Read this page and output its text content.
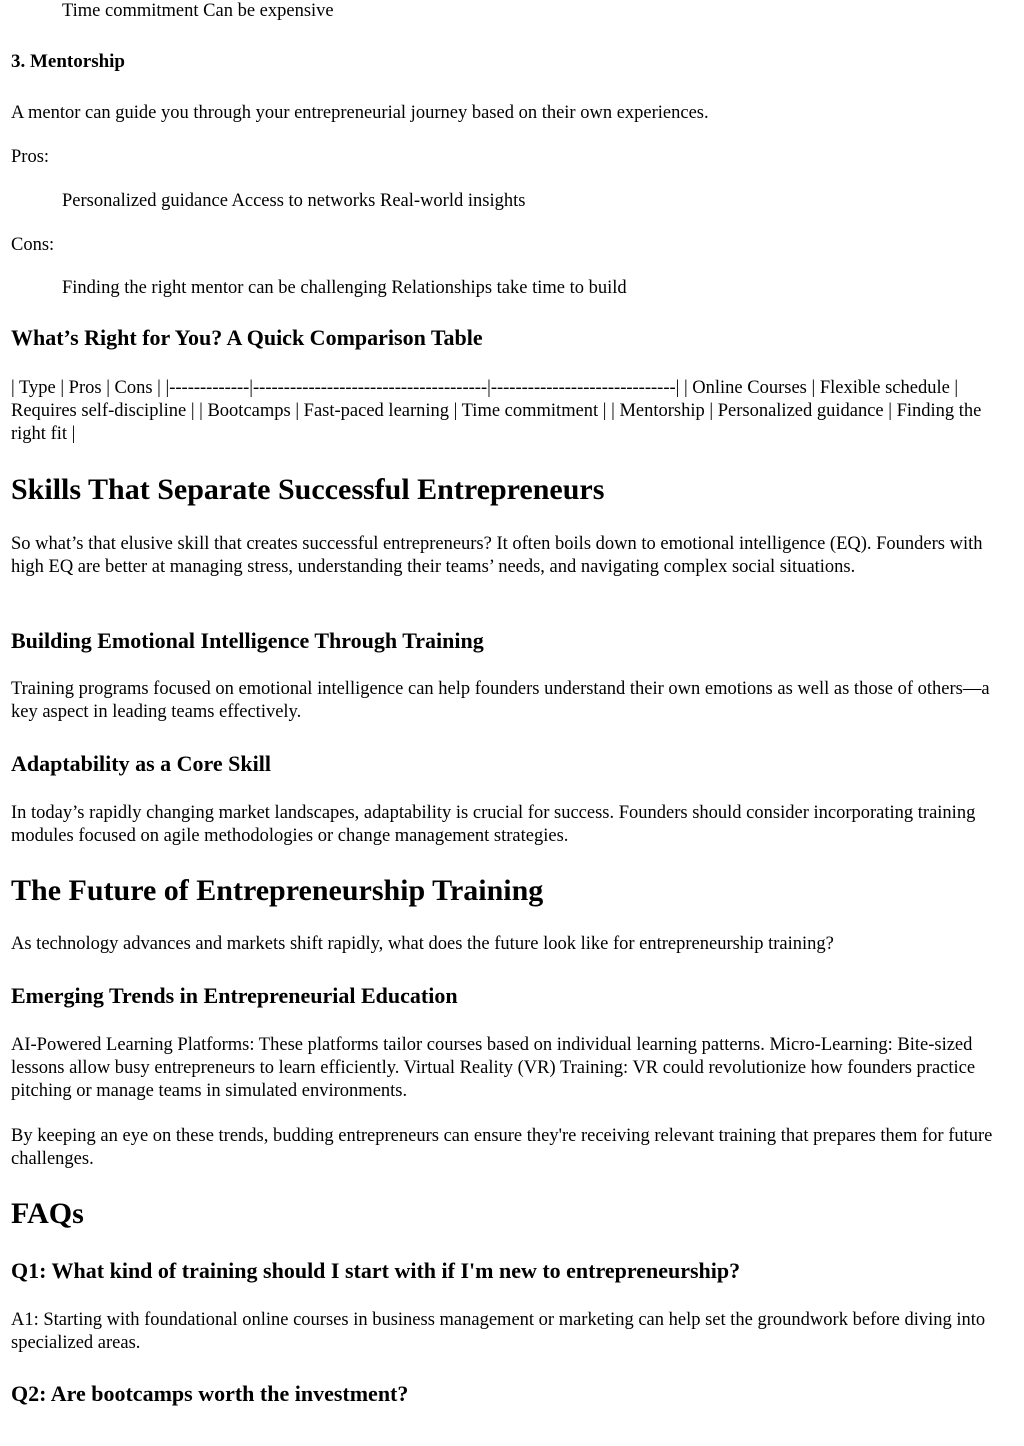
Time commitment Can be expensive

3. Mentorship

A mentor can guide you through your entrepreneurial journey based on their own experiences.

Pros:

Personalized guidance Access to networks Real-world insights

Cons:

Finding the right mentor can be challenging Relationships take time to build

What’s Right for You? A Quick Comparison Table

| Type | Pros | Cons | |-------------|--------------------------------------|------------------------------| | Online Courses | Flexible schedule | Requires self-discipline | | Bootcamps | Fast-paced learning | Time commitment | | Mentorship | Personalized guidance | Finding the right fit |

Skills That Separate Successful Entrepreneurs

So what’s that elusive skill that creates successful entrepreneurs? It often boils down to emotional intelligence (EQ). Founders with high EQ are better at managing stress, understanding their teams’ needs, and navigating complex social situations.

Building Emotional Intelligence Through Training

Training programs focused on emotional intelligence can help founders understand their own emotions as well as those of others—a key aspect in leading teams effectively.

Adaptability as a Core Skill

In today’s rapidly changing market landscapes, adaptability is crucial for success. Founders should consider incorporating training modules focused on agile methodologies or change management strategies.

The Future of Entrepreneurship Training

As technology advances and markets shift rapidly, what does the future look like for entrepreneurship training?

Emerging Trends in Entrepreneurial Education

AI-Powered Learning Platforms: These platforms tailor courses based on individual learning patterns. Micro-Learning: Bite-sized lessons allow busy entrepreneurs to learn efficiently. Virtual Reality (VR) Training: VR could revolutionize how founders practice pitching or manage teams in simulated environments.

By keeping an eye on these trends, budding entrepreneurs can ensure they're receiving relevant training that prepares them for future challenges.

FAQs
Q1: What kind of training should I start with if I'm new to entrepreneurship?

A1: Starting with foundational online courses in business management or marketing can help set the groundwork before diving into specialized areas.

Q2: Are bootcamps worth the investment?
